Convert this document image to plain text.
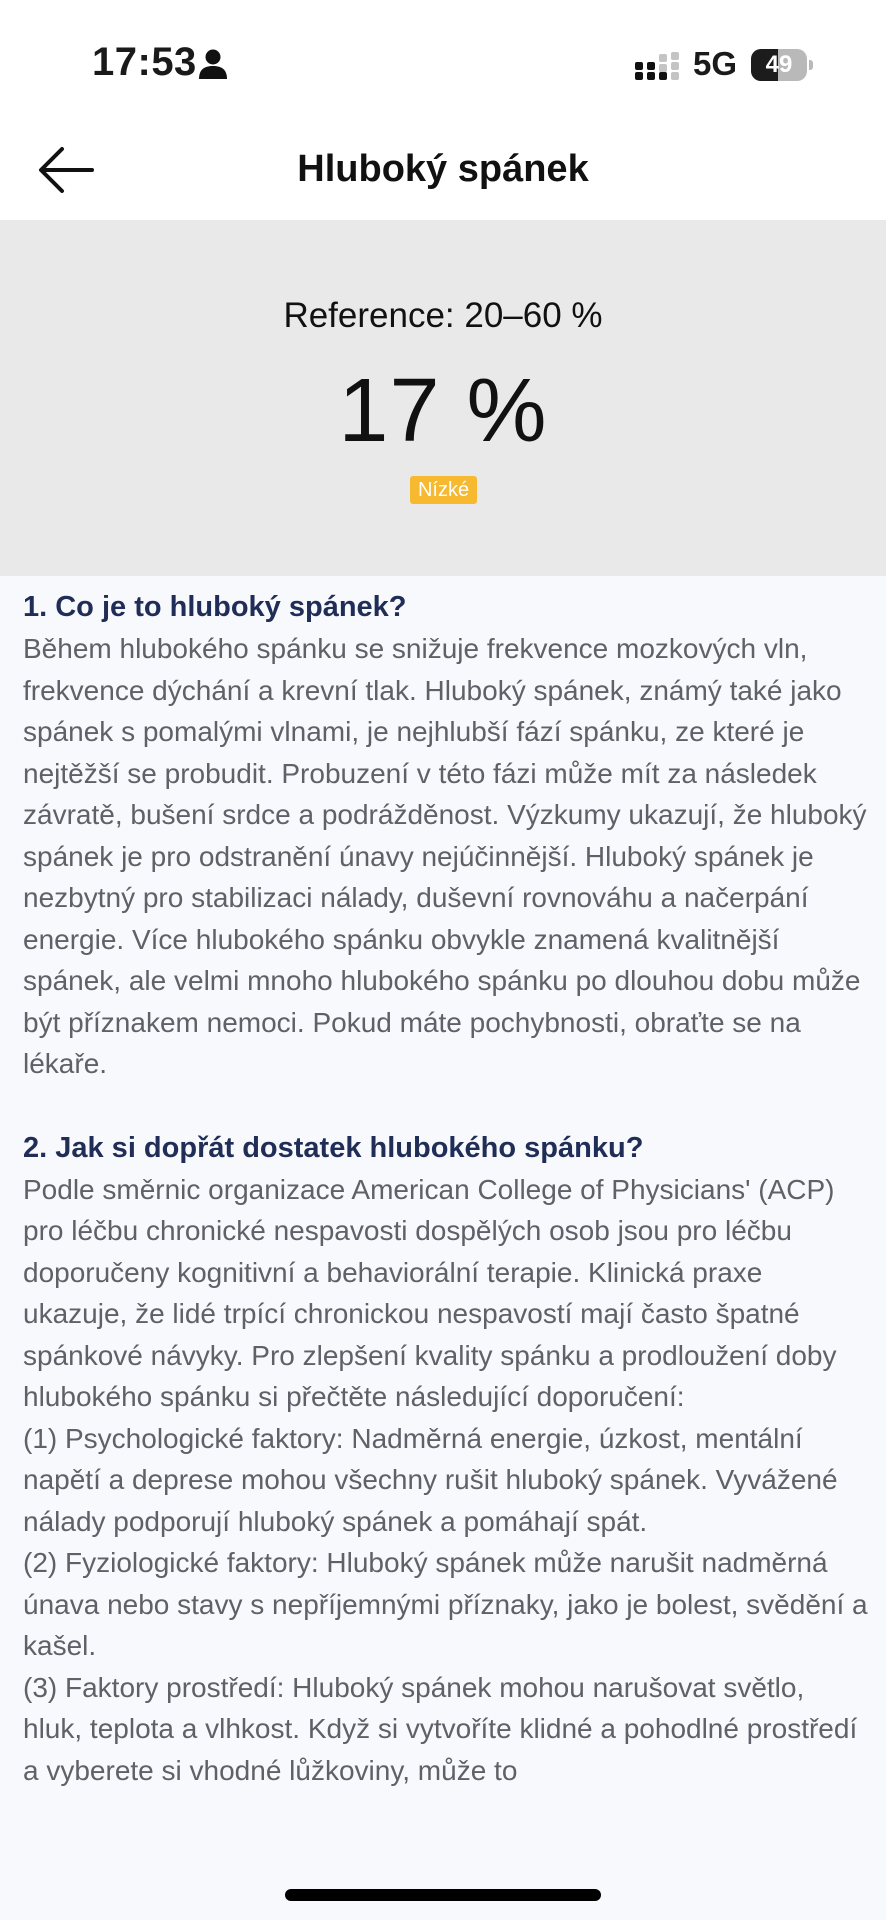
17:53	5G	49
Hluboký spánek
Reference: 20–60 %
17 %
Nízké
1. Co je to hluboký spánek?

Během hlubokého spánku se snižuje frekvence mozkových vln, frekvence dýchání a krevní tlak. Hluboký spánek, známý také jako spánek s pomalými vlnami, je nejhlubší fází spánku, ze které je nejtěžší se probudit. Probuzení v této fázi může mít za následek závratě, bušení srdce a podrážděnost. Výzkumy ukazují, že hluboký spánek je pro odstranění únavy nejúčinnější. Hluboký spánek je nezbytný pro stabilizaci nálady, duševní rovnováhu a načerpání energie. Více hlubokého spánku obvykle znamená kvalitnější spánek, ale velmi mnoho hlubokého spánku po dlouhou dobu může být příznakem nemoci. Pokud máte pochybnosti, obraťte se na lékaře.

2. Jak si dopřát dostatek hlubokého spánku?

Podle směrnic organizace American College of Physicians' (ACP) pro léčbu chronické nespavosti dospělých osob jsou pro léčbu doporučeny kognitivní a behaviorální terapie. Klinická praxe ukazuje, že lidé trpící chronickou nespavostí mají často špatné spánkové návyky. Pro zlepšení kvality spánku a prodloužení doby hlubokého spánku si přečtěte následující doporučení:

(1) Psychologické faktory: Nadměrná energie, úzkost, mentální napětí a deprese mohou všechny rušit hluboký spánek. Vyvážené nálady podporují hluboký spánek a pomáhají spát.

(2) Fyziologické faktory: Hluboký spánek může narušit nadměrná únava nebo stavy s nepříjemnými příznaky, jako je bolest, svědění a kašel.

(3) Faktory prostředí: Hluboký spánek mohou narušovat světlo, hluk, teplota a vlhkost. Když si vytvoříte klidné a pohodlné prostředí a vyberete si vhodné lůžkoviny, může to
